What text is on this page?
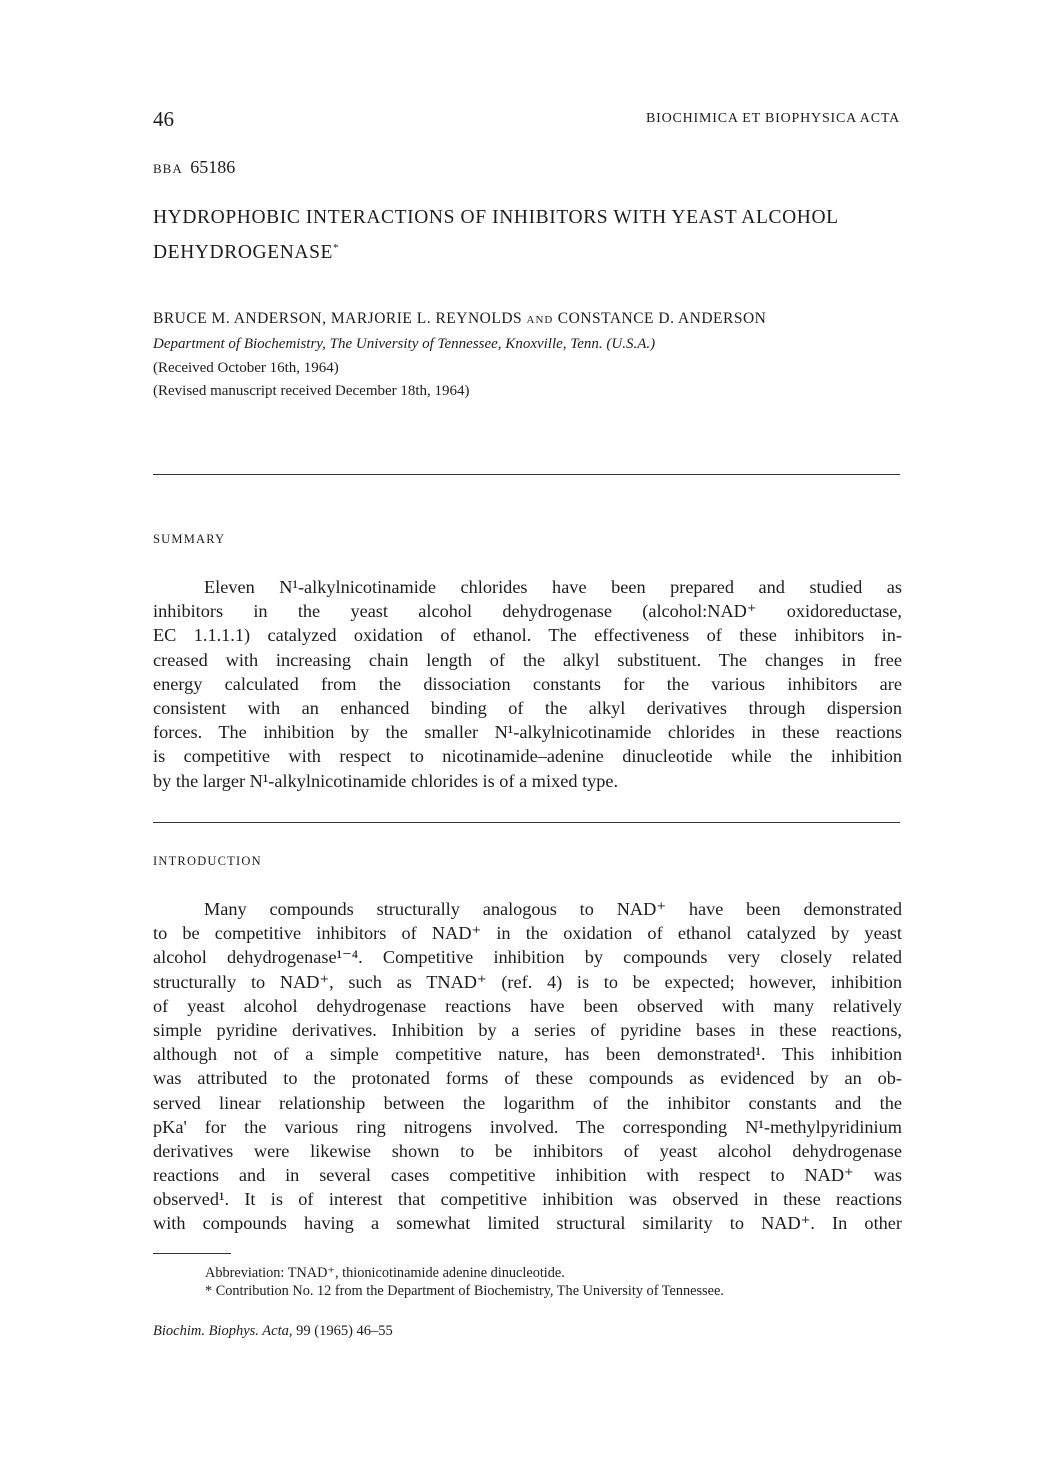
46	BIOCHIMICA ET BIOPHYSICA ACTA
BBA 65186
HYDROPHOBIC INTERACTIONS OF INHIBITORS WITH YEAST ALCOHOL DEHYDROGENASE*
BRUCE M. ANDERSON, MARJORIE L. REYNOLDS AND CONSTANCE D. ANDERSON
Department of Biochemistry, The University of Tennessee, Knoxville, Tenn. (U.S.A.)
(Received October 16th, 1964)
(Revised manuscript received December 18th, 1964)
SUMMARY
Eleven N¹-alkylnicotinamide chlorides have been prepared and studied as
inhibitors in the yeast alcohol dehydrogenase (alcohol:NAD⁺ oxidoreductase,
EC 1.1.1.1) catalyzed oxidation of ethanol. The effectiveness of these inhibitors in-
creased with increasing chain length of the alkyl substituent. The changes in free
energy calculated from the dissociation constants for the various inhibitors are
consistent with an enhanced binding of the alkyl derivatives through dispersion
forces. The inhibition by the smaller N¹-alkylnicotinamide chlorides in these reactions
is competitive with respect to nicotinamide–adenine dinucleotide while the inhibition
by the larger N¹-alkylnicotinamide chlorides is of a mixed type.
INTRODUCTION
Many compounds structurally analogous to NAD⁺ have been demonstrated
to be competitive inhibitors of NAD⁺ in the oxidation of ethanol catalyzed by yeast
alcohol dehydrogenase¹⁻⁴. Competitive inhibition by compounds very closely related
structurally to NAD⁺, such as TNAD⁺ (ref. 4) is to be expected; however, inhibition
of yeast alcohol dehydrogenase reactions have been observed with many relatively
simple pyridine derivatives. Inhibition by a series of pyridine bases in these reactions,
although not of a simple competitive nature, has been demonstrated¹. This inhibition
was attributed to the protonated forms of these compounds as evidenced by an ob-
served linear relationship between the logarithm of the inhibitor constants and the
pKa' for the various ring nitrogens involved. The corresponding N¹-methylpyridinium
derivatives were likewise shown to be inhibitors of yeast alcohol dehydrogenase
reactions and in several cases competitive inhibition with respect to NAD⁺ was
observed¹. It is of interest that competitive inhibition was observed in these reactions
with compounds having a somewhat limited structural similarity to NAD⁺. In other
Abbreviation: TNAD⁺, thionicotinamide adenine dinucleotide.
* Contribution No. 12 from the Department of Biochemistry, The University of Tennessee.
Biochim. Biophys. Acta, 99 (1965) 46–55
